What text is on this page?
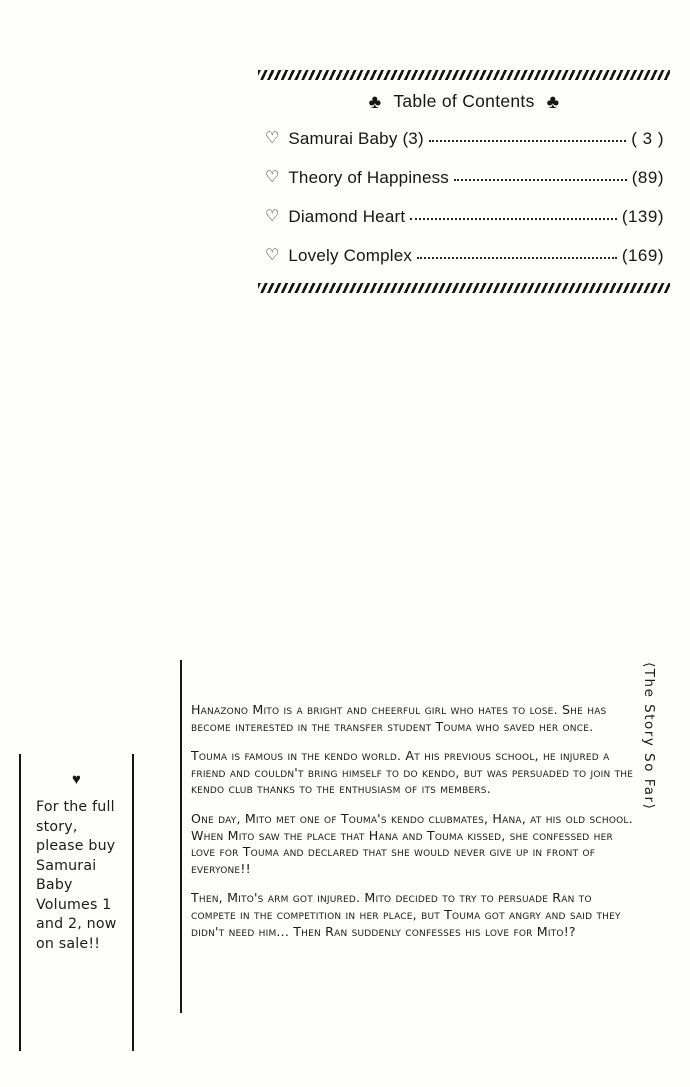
♣ Table of Contents ♣
♡ Samurai Baby (3)	( 3 )
♡ Theory of Happiness	(89)
♡ Diamond Heart	(139)
♡ Lovely Complex	(169)
⟨The Story So Far⟩

Hanazono Mito is a bright and cheerful girl who hates to lose. She has become interested in the transfer student Touma who saved her once.

Touma is famous in the kendo world. At his previous school, he injured a friend and couldn't bring himself to do kendo, but was persuaded to join the kendo club thanks to the enthusiasm of its members.

One day, Mito met one of Touma's kendo clubmates, Hana, at his old school. When Mito saw the place that Hana and Touma kissed, she confessed her love for Touma and declared that she would never give up in front of everyone!!

Then, Mito's arm got injured. Mito decided to try to persuade Ran to compete in the competition in her place, but Touma got angry and said they didn't need him... Then Ran suddenly confesses his love for Mito!?

♥
For the full story, please buy Samurai Baby Volumes 1 and 2, now on sale!!
